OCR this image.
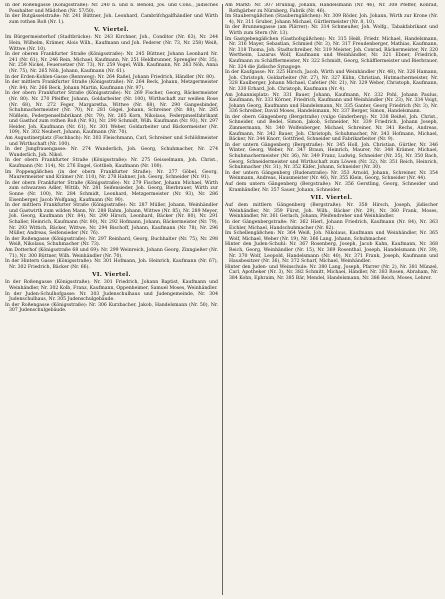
In der Roßengasse (Königsstraße): Nr. 240 n. und b. Behold, Jos. und Cons., jüdisches Posshalter und Mädchen (Nr. 57/50).

In der Butgässelstraße: Nr. 241 Büttner, Joh. Leonhard, Cambrifchgalfhändler und Wirth zum rothen Roß (Nr. 1).

V. Viertel.

Im Bürgermeisterhof (Stadtbrücke): Nr. 243 Kirchner, Joh., Conditor (Nr. 63), Nr. 244 Hein, Wilhelm, Krämer, Alois Wilh., Kaufmann und Joh. Federer (Nr. 73, Nr. 258) Weiß, Wittwe (Nr. 10).

In der oberen Frankfurter Straße (Königsstraße): Nr. 245 Büttner, Johann Leonhard Nr. 241 (Nr. 61), Nr. 246 Rein, Michael, Kaufmann, Nr. 251 Heldbrunner, Sprengler (Nr. 35), Nr. 259 Nickel, Feuersetzer (Nr. 73), Nr. 259 Vogel, Wilh. Kaufmann, Nr. 263 Nöh, Anna (Nr. 75), Nr. 265 Nöh, Johann, Kaufmann (Nr. 61).

In der Erden-Kohlen-Gasse (Rennweg): Nr. 264 Raßel, Johann Friedrich, Händler (Nr. 80).

In der mittlern Frankfurter Straße (Königsstraße): Nr. 264 Beck, Johann, Metzgermeister (Nr. 84). Nr. 266 Beck, Johann Martin, Kaufmann (Nr. 97).

In der obern Frankfurter Straße (Königsstraße): Nr. 269 Fischer, Georg, Bäckermeister (Nr. 80). Nr. 270 Pfeiffer, Johann, Goldarbeiter (Nr. 100), Wirthschaft zur weißen Rose (Nr. 68), Nr. 272 Feger, Margaretha, Wittwe (Nr. 68), Nr. 290 Gangesbinder, Schuhmachermeister (Nr. 70), Nr. 281 Gögel, Johann, Schreiner (Nr. 88), Nr. 285 Nüßlein, Federpenselfabrikant (Nr. 79), Nr. 265 Korn, Nikolaus, Federpinselfabrikant und Gasthof zum rothen Roß (Nr. 93), Nr. 290 Schmidt, Wilh. Kaufmann (Nr. 93), Nr. 297 Heider, Joh. Kaufmann (Nr. 61), Nr. 301 Weber, Goldarbeiter und Bäckermeister (Nr. 109), Nr. 302 Neubert, Johann, Kaufmann (Nr. 70).

Am Augustinerplatz (Fischbach): Nr. 303 Fleischmann, Carl, Schreiner und Schlößmeister und Wirthschaft (Nr. 100).

In der Jungfrauengasse: Nr. 274 Wunderlich, Joh. Georg, Schuhmacher, Nr. 274 Wunderlich, Joh. Nikol.

In der obern Frankfurter Straße (Königsstraße): Nr. 275 Geisselmann, Joh. Christ., Kaufmann (Nr. 114), Nr. 276 Engel, Gottlieb, Kaufmann (Nr. 100).

Im Poppengäßchen (in der obern Frankfurter Straße): Nr. 277 Göbel, Georg, Maurermeister und Krämer (Nr. 110), Nr. 278 Hahner, Joh. Georg, Schneider (Nr. 91).

In der obern Frankfurter Straße (Königsstraße): Nr. 279 Fischer, Johann Michael, Wirth zum schwarzen Adler, Wittib, Nr. 281 Seifensieder, Joh. Georg, Bierbrauer, Wirth zur Sonne (Nr. 100), Nr. 284 Schmidt, Leonhard, Metzgermeister (Nr. 93), Nr. 286 Eisenberger, Jacob Wolfgang, Kaufmann (Nr. 90).

In der mittlern Frankfurter Straße (Königsstraße): Nr. 287 Müller, Johann, Weinhändler und Gastwirth zum wilden Mann, Nr. 288 Rahm, Johann, Wittwe (Nr. 85), Nr. 289 Meyer, Joh. Georg, Kaufmann (Nr. 84), Nr. 290 Hirsch, Leonhard, Bäcker (Nr. 80), Nr. 291 Schaller, Heinrich, Kaufmann (Nr. 80), Nr. 292 Hofmann, Johann, Bäckermeister (Nr. 79), Nr. 293 Wittich, Bäcker, Wittwe, Nr. 294 Bischoff, Johann, Kaufmann (Nr. 78), Nr. 296 Müller, Andreas, Seifensieder (Nr. 76).

In der Roßengasse (Königsstraße): Nr. 297 Reinhard, Georg, Buchhalter (Nr. 75), Nr. 298 Weiß, Nikolaus, Schuhmacher (Nr. 73).

Am Dotterhof (Königsstraße 68 und 69): Nr. 299 Weinreich, Johann Georg, Zinngießer (Nr. 71), Nr. 300 Büttner, Wilh. Weinhändler (Nr. 70).

In der Hintern Gasse (Königsstraße): Nr. 301 Hofmann, Joh. Heinrich, Kaufmann (Nr. 67), Nr. 302 Friedrich, Bäcker (Nr. 66).

VI. Viertel.

In der Roßengasse (Königsstraße): Nr. 301 Friedrich, Johann Baptist, Kaufmann und Weinhändler, Nr. 302 Kolb, Franz, Kaufmann, Oppenheimer, Samuel Moses, Weinhändler.

In der Juden-Schulhofgasse: Nr. 303 Judenschulhaus und Judengemeinde, Nr. 304 Judenschulhaus, Nr. 305 Judenschulgebäude.

In der Roßengasse (Königsstraße): Nr. 306 Kurzbacher, Jakob, Handelsmann (Nr. 50), Nr. 307 Judenschulgebäude.

Am Markt: Nr. 307 Brunnig, Johann, Handelsmann (Nr. 46), Nr. 308 Pfeffer, Konrad, Rothgärber zu Nürnberg, Fabrik (Nr. 46).

Im Staubersgäßchen (Stauberngäßchen): Nr. 309 Röder, Joh. Johann, Wirth zur Krone (Nr. 4), Nr. 311 Gruber, Johann Michael, Gürtlermeister (Nr. 8, 10).

In der Brunnengasse (am Plärrer): Nr. 314 Schmeußer, Joh. Wolfg., Tabakfabrikant und Wirth zum Stern (Nr. 13).

Im Gastgebengäßchen (Gasthofsgäßchen): Nr. 315 Heiß, Friedr. Michael, Handelsmann, Nr. 316 Mayer, Sebastian, Schmied (Nr. 3), Nr. 317 Freudenberger, Mathias, Kaufmann, Nr. 318 Thoma, Joh. Stadtschreiber, Nr. 319 Meister, Joh. Conrad, Bäckermeister, Nr. 320 Wertheim, Lazarus Wolf, Kaufmann und Weinhändler, Nr. 321 Ebner, Friedrich, Kaufmann zu Schäfflermeister, Nr. 322 Schmidt, Georg, Schäfflermeister und Bierbrauer, Nr. 324 die jüdische Synagoge.

In der Kaufgasse: Nr. 325 Hirsch, Jacob, Wirth und Weinhändler (Nr. 48), Nr. 326 Hamann, Joh. Christoph, Goldarbeiter (Nr. 27), Nr. 327 Kühn, Christian, Hutmachermeister, Nr. 328 Kaulberger, Johann Michael, Cafetier (Nr. 21), Nr. 329 Weber, Christoph, Kaufmann, Nr. 330 Erhard, Joh. Christoph, Kaufmann (Nr. 4).

Am Johannisplatz: Nr. 331 Bauer, Johann, Kaufmann, Nr. 332 Pohl, Johann Paulus, Kaufmann, Nr. 333 Körner, Friedrich, Kaufmann und Weinhändler (Nr. 23), Nr. 334 Voigt, Johann Georg, Kaufmann und Handelsmann, Nr. 335 Ganter, Georg Friedrich (Nr. 3), Nr. 336 Schreiber, David Moses, Handelsmann, Nr. 337 Berger, Simon, Handelsmann.

In der obern Gängenberg (Bergstraße) (vulgo Ginderberg): Nr. 338 Beißel, Joh. Christ., Schneider, und Bedel, Simon, Jakob, Schneider, Nr. 339 Friedrich, Johann Joseph, Zimmermann, Nr. 340 Wolfenberger, Michael, Schreiner, Nr. 341 Rechs, Andreas, Kaufmann, Nr. 342 Bauer, Joh. Christoph, Schuhmacher, Nr. 343 Hofmann, Michael, Bäcker, Nr. 344 Knorr, Gottfried, Schneider und Fabrikarbeiter (Nr. 9).

In der untern Gängenberg (Bergstraße): Nr. 345 Holl, Joh. Christian, Gürtler, Nr. 346 Winter, Georg, Weber, Nr. 347 Braun, Heinrich, Maurer, Nr. 348 Krämer, Michael, Schuhmachermeister (Nr. 36), Nr. 349 Franz, Ludwig, Schneider (Nr. 35), Nr. 350 Bach, Georg, Schneidermeister und Wirthschaft zum Löwen (Nr. 32), Nr. 351 Reich, Heinrich, Schuhmacher (Nr. 31), Nr. 352 Käfer, Johann, Schneider (Nr. 30).

In der untern Gängenberg (Rudenstraße): Nr. 353 Arnold, Johann, Schreiner, Nr. 354 Weinmann, Andreas, Hausmeister (Nr. 46), Nr. 355 Klein, Georg, Schneider (Nr. 44).

Auf dem untern Gängenberg (Bergstraße): Nr. 356 Gerstling, Georg, Schneider und Kramhändler, Nr. 357 Sauer, Johann, Schneider.

VII. Viertel.

Auf dem mittlern Gängenberg (Bergstraße): Nr. 358 Hirsch, Joseph, jüdischer Weinhändler, Nr. 359 Fürst, Joh. Wilh., Bäcker (Nr. 29), Nr. 360 Frank, Moses, Weinhändler, Nr. 361 Gerlach, Johann, Pfeifendreher und Weinhändler.

In der Gängenbergstraße: Nr. 362 Hierl, Johann Friedrich, Kaufmann (Nr. 84), Nr. 363 Eichler, Michael, Handschuhmacher (Nr. 82).

Im Schellengäßchen: Nr. 364 Weiß, Joh. Nikolaus, Kaufmann und Weinhändler, Nr. 365 Wolf, Michael, Weber (Nr. 19), Nr. 366 Lang, Johann, Schuhmacher.

Hinter den Juden-Schuhl: Nr. 367 Rosenberg, Joseph, Jacob Kahn, Kaufmann, Nr. 368 Reich, Georg, Weinhändler (Nr. 15), Nr. 369 Rosenthal, Joseph, Handelsmann (Nr. 39), Nr. 370 Wolf, Leopold, Handelsmann (Nr. 40), Nr. 371 Frank, Joseph, Kaufmann und Hausbesitzer (Nr. 36), Nr. 372 Scharf, Michael, Weinhändler.

Hinter den Juden- und Weinschule: Nr. 380 Lang, Joseph, Pfarrer (Nr. 2), Nr. 381 Münzel, Carl, Apotheker (Nr. 3), Nr. 382 Schmitt, Michael, Händler, Nr. 383 Rosen, Abraham, Nr. 384 Kohn, Ephraim, Nr. 385 Bär, Mendel, Handelsmann, Nr. 386 Reich, Moses, Lehrer.
